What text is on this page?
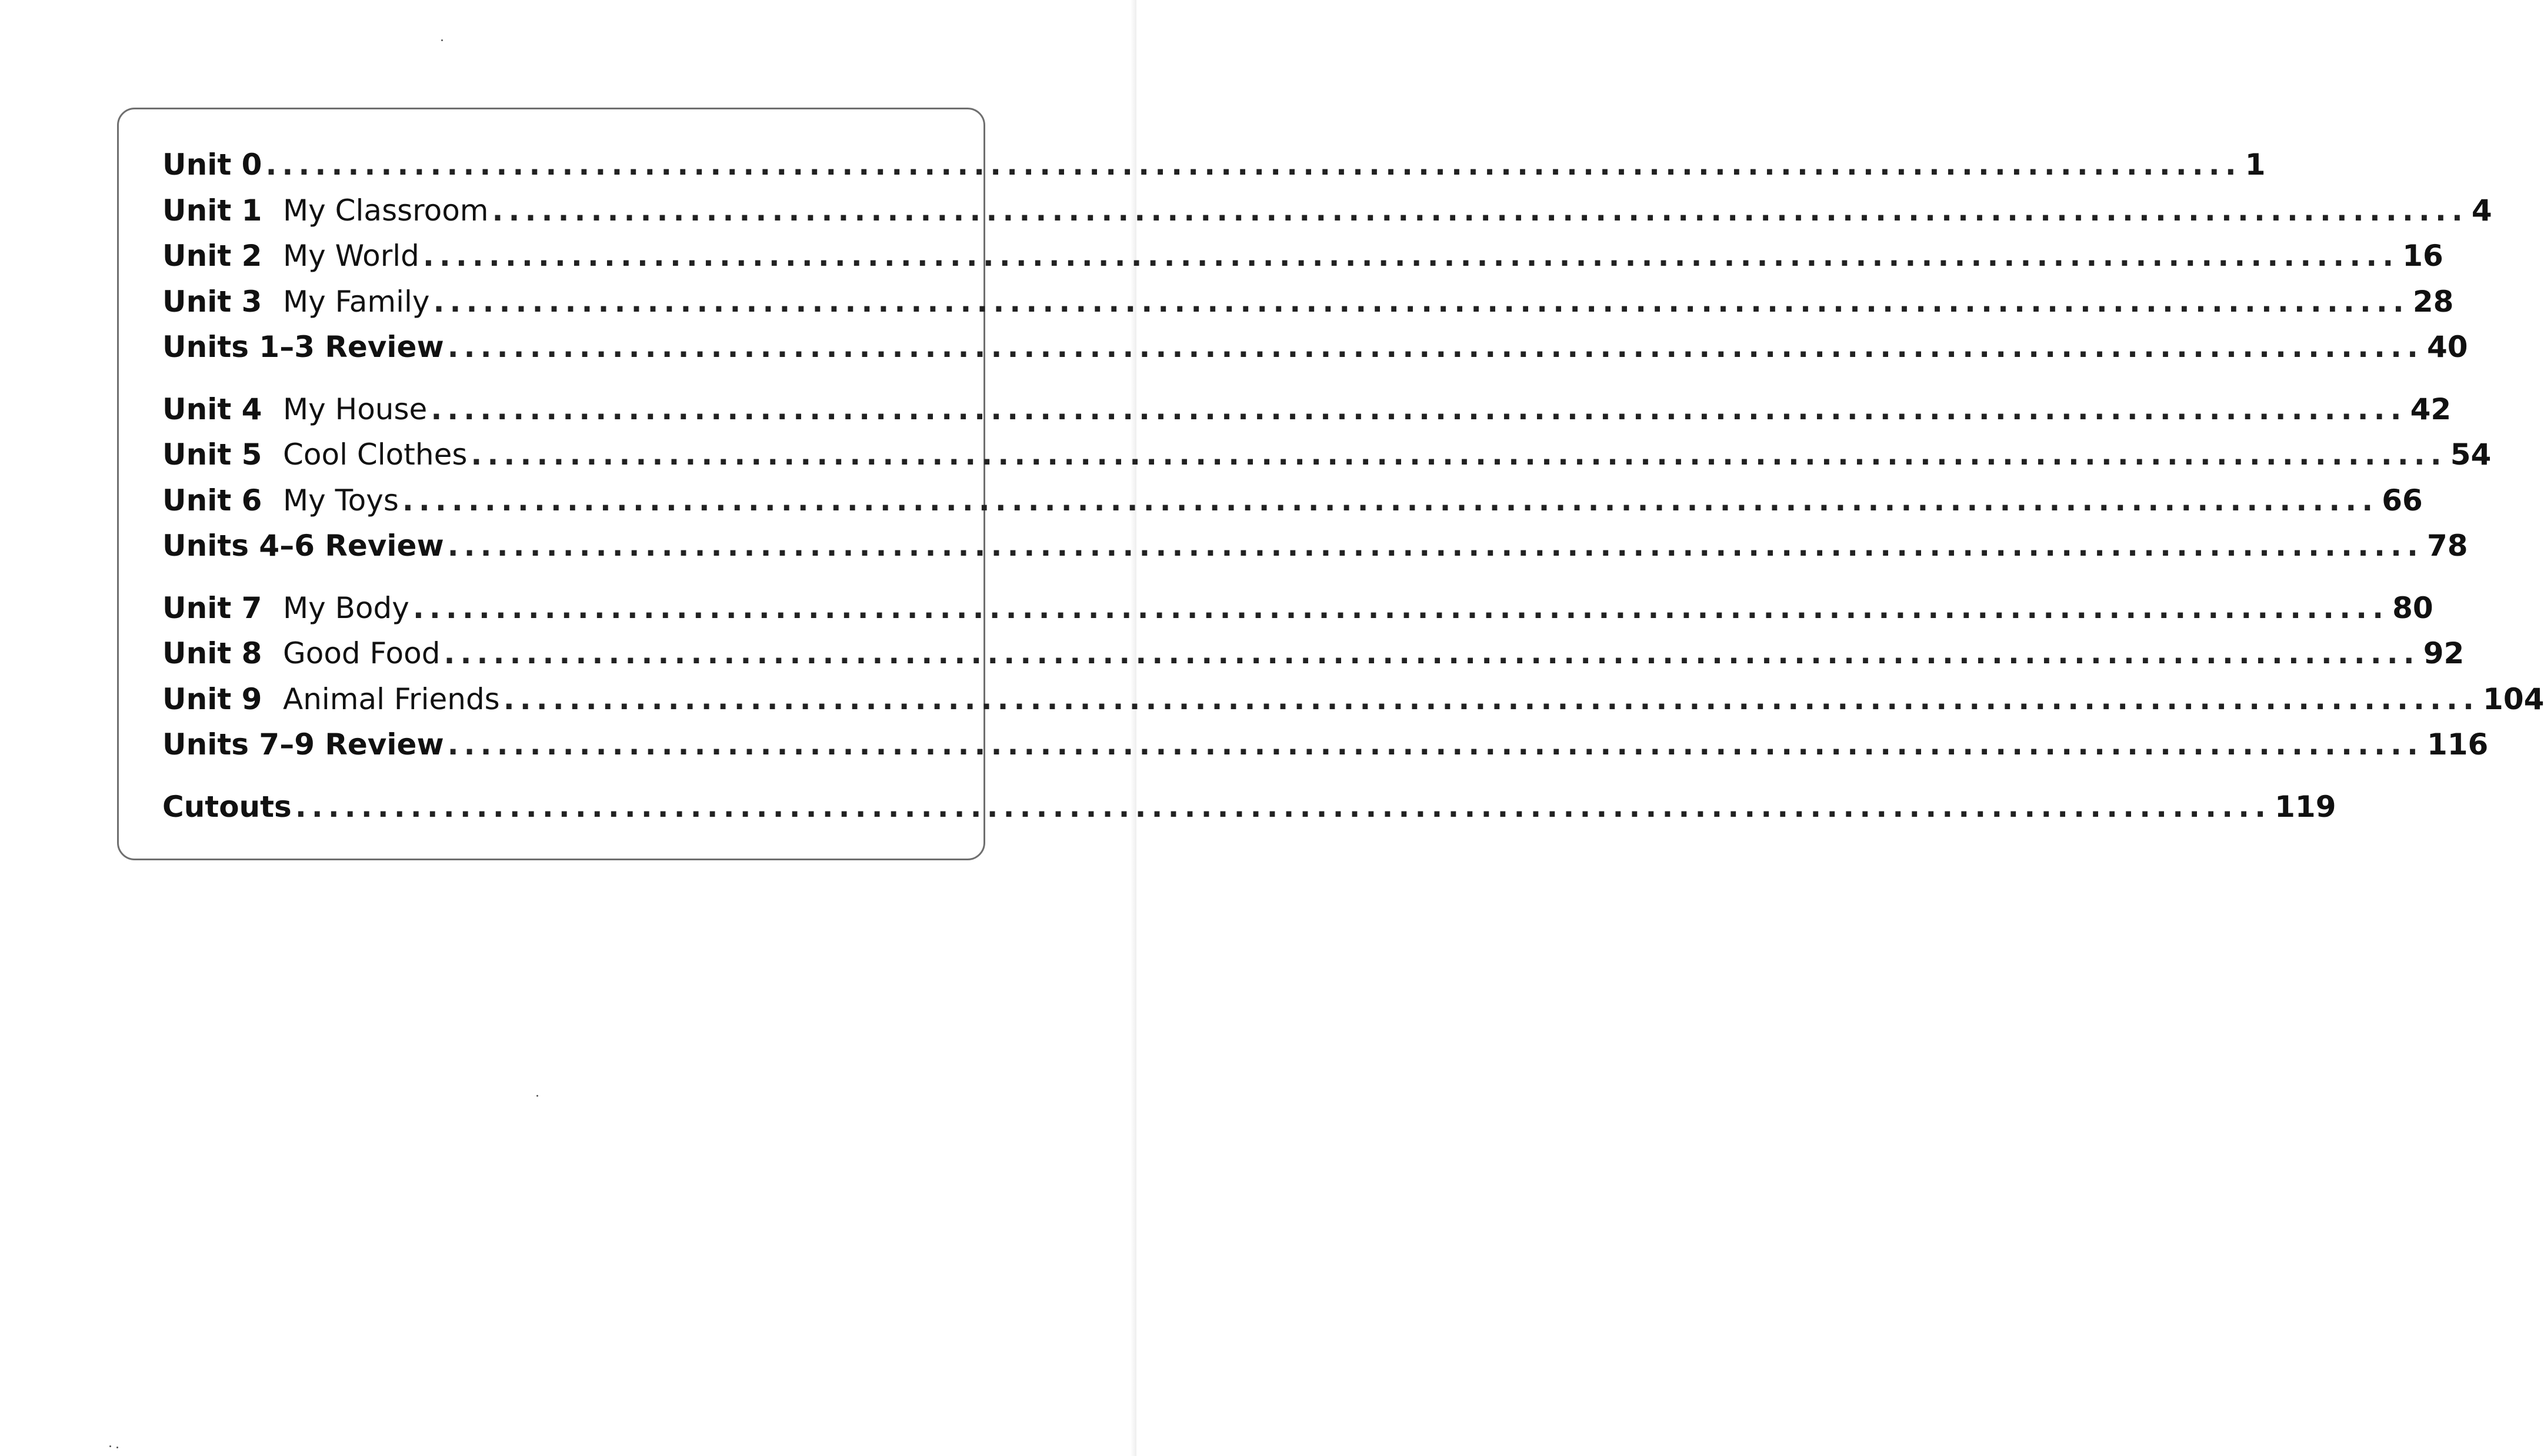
Unit 0 ........................................................................................................................ 1
Unit 1 My Classroom ........................................................................................................................ 4
Unit 2 My World ........................................................................................................................ 16
Unit 3 My Family ........................................................................................................................ 28
Units 1–3 Review ........................................................................................................................ 40
Unit 4 My House ........................................................................................................................ 42
Unit 5 Cool Clothes ........................................................................................................................ 54
Unit 6 My Toys ........................................................................................................................ 66
Units 4–6 Review ........................................................................................................................ 78
Unit 7 My Body ........................................................................................................................ 80
Unit 8 Good Food ........................................................................................................................ 92
Unit 9 Animal Friends ........................................................................................................................ 104
Units 7–9 Review ........................................................................................................................ 116
Cutouts ........................................................................................................................ 119
